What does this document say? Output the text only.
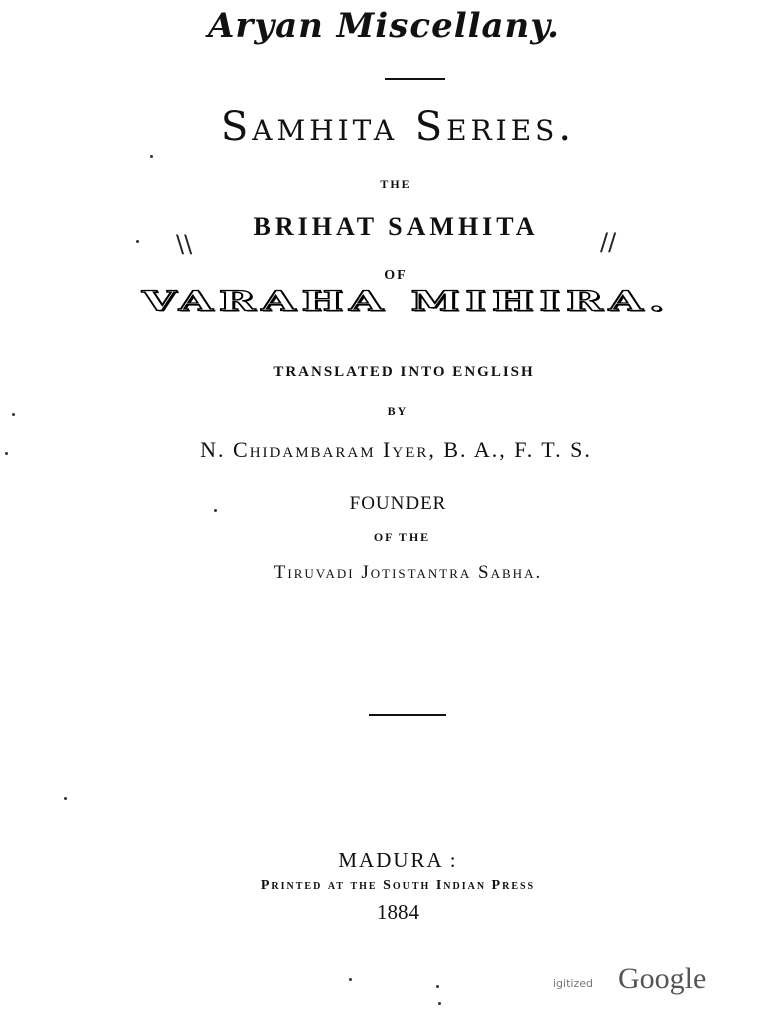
Aryan Miscellany.
Samhita Series.
THE
BRIHAT SAMHITA
\\	//
OF
VARAHA MIHIRA.
TRANSLATED INTO ENGLISH
BY
N. Chidambaram Iyer, B. A., F. T. S.
FOUNDER
OF THE
Tiruvadi Jotistantra Sabha.
MADURA :
Printed at the South Indian Press
1884
igitized Google
